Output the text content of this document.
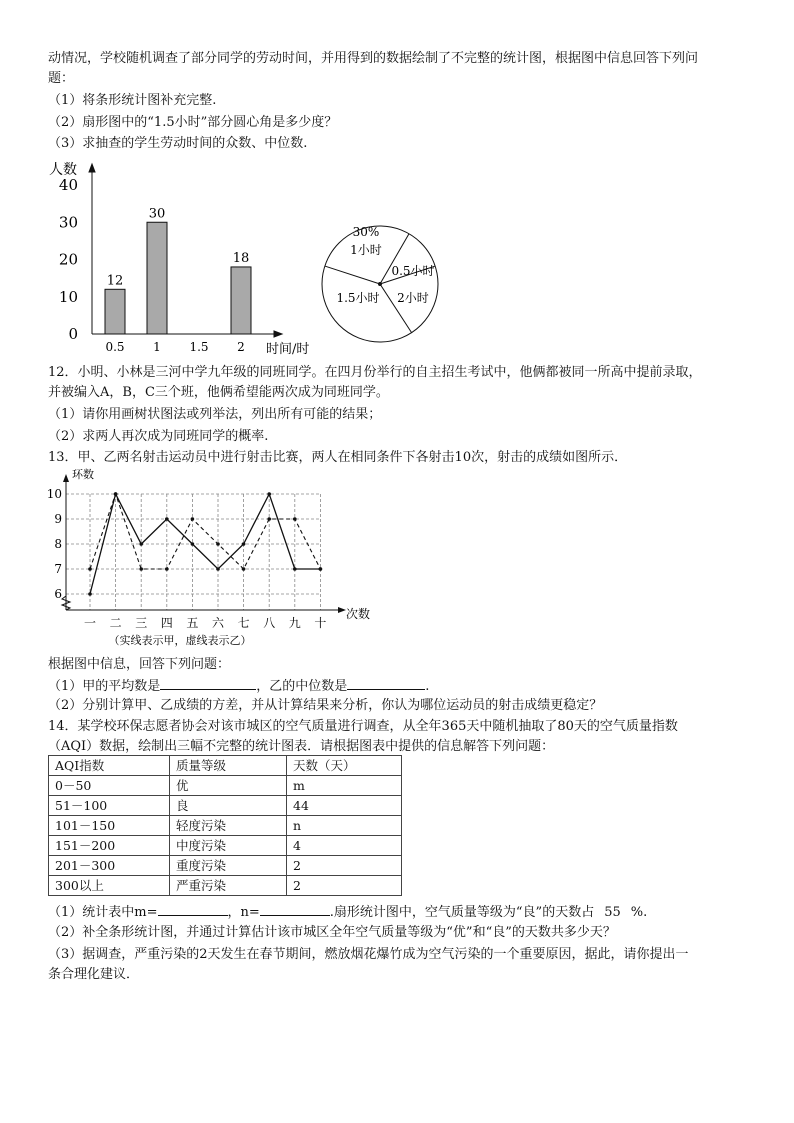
动情况，学校随机调查了部分同学的劳动时间，并用得到的数据绘制了不完整的统计图，根据图中信息回答下列问
题：
（1）将条形统计图补充完整.
（2）扇形图中的“1.5小时”部分圆心角是多少度？
（3）求抽查的学生劳动时间的众数、中位数.
0
10
20
30
40
人数
12
0.5
30
1 1.5
18
2 时间/时
30%
1小时
0.5小时
2小时
1.5小时
12．小明、小林是三河中学九年级的同班同学。在四月份举行的自主招生考试中，他俩都被同一所高中提前录取，
并被编入A，B，C三个班，他俩希望能两次成为同班同学。
（1）请你用画树状图法或列举法，列出所有可能的结果；
（2）求两人再次成为同班同学的概率.
13．甲、乙两名射击运动员中进行射击比赛，两人在相同条件下各射击10次，射击的成绩如图所示．
6
7
8
9
10
环数
次数
一 二 三 四 五 六 七 八 九 十
（实线表示甲，虚线表示乙）
根据图中信息，回答下列问题：
（1）甲的平均数是	，乙的中位数是	.
（2）分别计算甲、乙成绩的方差，并从计算结果来分析，你认为哪位运动员的射击成绩更稳定？
14．某学校环保志愿者协会对该市城区的空气质量进行调查，从全年365天中随机抽取了80天的空气质量指数
（AQI）数据，绘制出三幅不完整的统计图表．请根据图表中提供的信息解答下列问题：
AQI指数	质量等级	天数（天）
0－50	优	m
51－100	良	44
101－150	轻度污染	n
151－200	中度污染	4
201－300	重度污染	2
300以上	严重污染	2
（1）统计表中m=	，n=	.扇形统计图中，空气质量等级为“良”的天数占 55 %.
（2）补全条形统计图，并通过计算估计该市城区全年空气质量等级为“优”和“良”的天数共多少天？
（3）据调查，严重污染的2天发生在春节期间，燃放烟花爆竹成为空气污染的一个重要原因，据此，请你提出一
条合理化建议．
